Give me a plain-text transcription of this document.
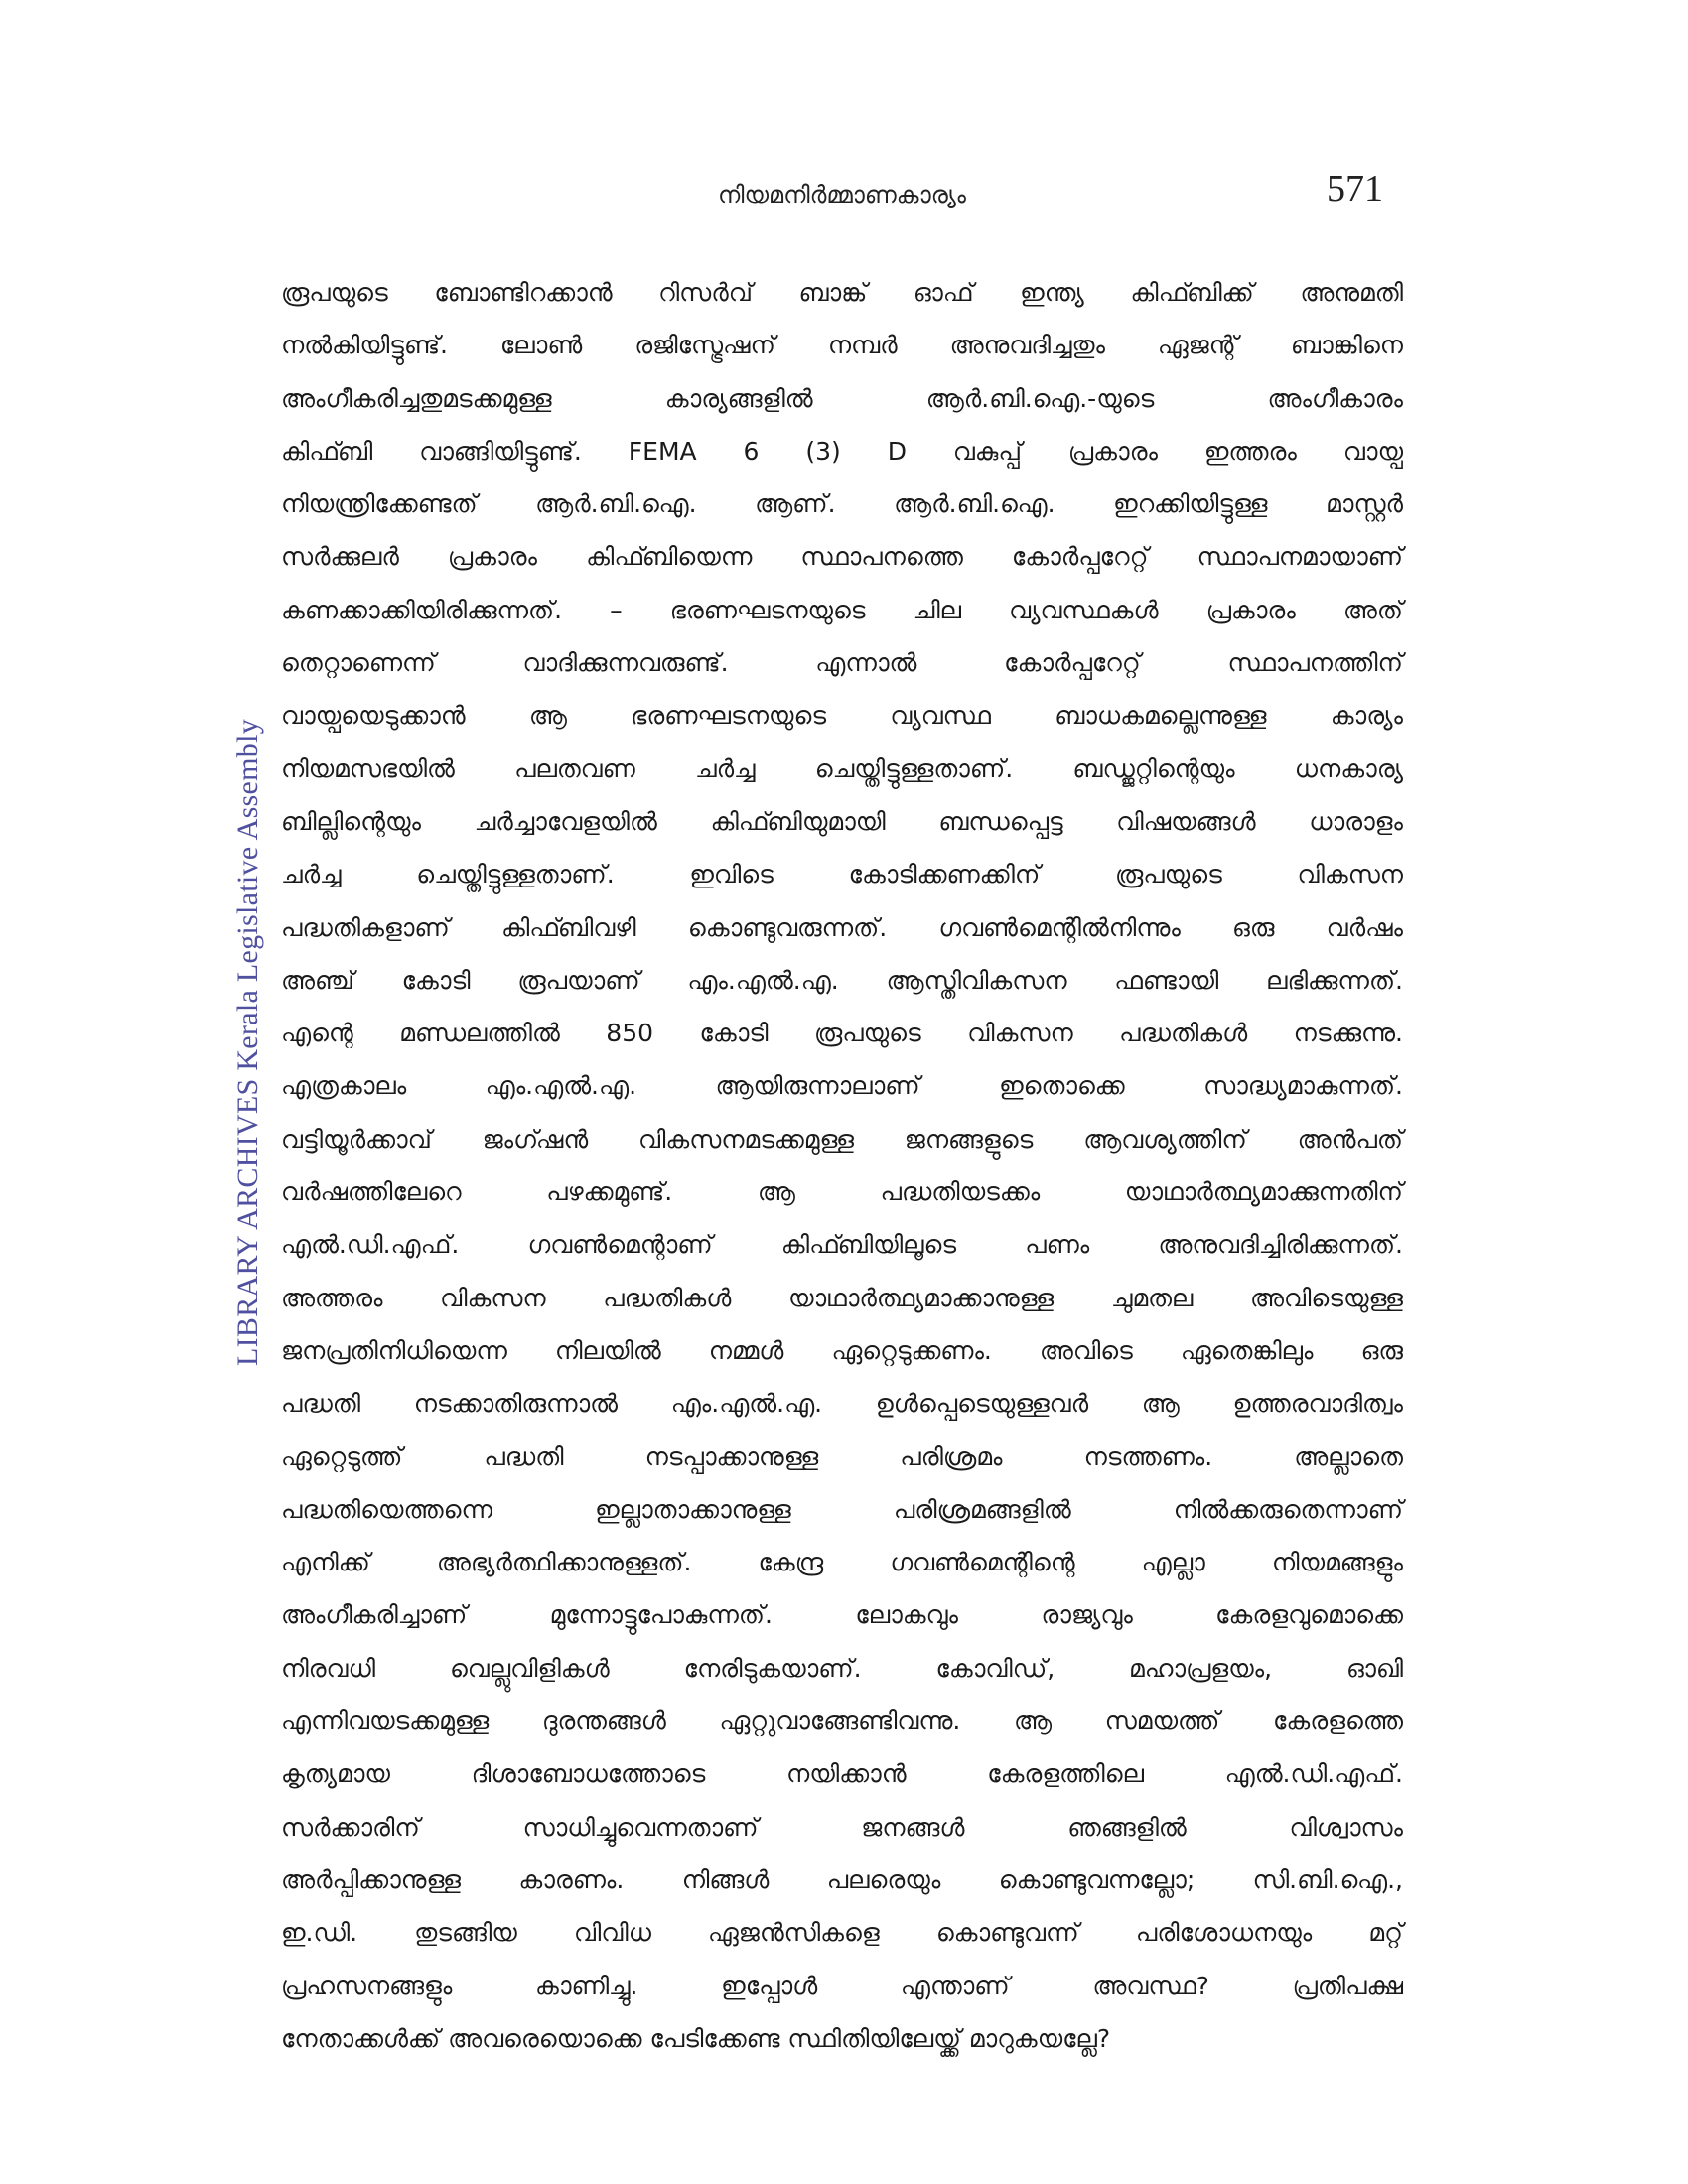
നിയമനിർമ്മാണകാര്യം	571
LIBRARY ARCHIVES Kerala Legislative Assembly
രൂപയുടെ ബോണ്ടിറക്കാൻ റിസർവ് ബാങ്ക് ഓഫ് ഇന്ത്യ കിഫ്ബിക്ക് അനുമതി
നൽകിയിട്ടുണ്ട്. ലോൺ രജിസ്ട്രേഷന് നമ്പർ അനുവദിച്ചതും ഏജന്റ് ബാങ്കിനെ
അംഗീകരിച്ചതുമടക്കമുള്ള കാര്യങ്ങളിൽ ആർ.ബി.ഐ.-യുടെ അംഗീകാരം
കിഫ്ബി വാങ്ങിയിട്ടുണ്ട്. FEMA 6 (3) D വകുപ്പ് പ്രകാരം ഇത്തരം വായ്പ
നിയന്ത്രിക്കേണ്ടത് ആർ.ബി.ഐ. ആണ്. ആർ.ബി.ഐ. ഇറക്കിയിട്ടുള്ള മാസ്റ്റർ
സർക്കുലർ പ്രകാരം കിഫ്ബിയെന്ന സ്ഥാപനത്തെ കോർപ്പറേറ്റ് സ്ഥാപനമായാണ്
കണക്കാക്കിയിരിക്കുന്നത്. – ഭരണഘടനയുടെ ചില വ്യവസ്ഥകൾ പ്രകാരം അത്
തെറ്റാണെന്ന് വാദിക്കുന്നവരുണ്ട്. എന്നാൽ കോർപ്പറേറ്റ് സ്ഥാപനത്തിന്
വായ്പയെടുക്കാൻ ആ ഭരണഘടനയുടെ വ്യവസ്ഥ ബാധകമല്ലെന്നുള്ള കാര്യം
നിയമസഭയിൽ പലതവണ ചർച്ച ചെയ്തിട്ടുള്ളതാണ്. ബഡ്ജറ്റിന്റെയും ധനകാര്യ
ബില്ലിന്റെയും ചർച്ചാവേളയിൽ കിഫ്ബിയുമായി ബന്ധപ്പെട്ട വിഷയങ്ങൾ ധാരാളം
ചർച്ച ചെയ്തിട്ടുള്ളതാണ്. ഇവിടെ കോടിക്കണക്കിന് രൂപയുടെ വികസന
പദ്ധതികളാണ് കിഫ്ബിവഴി കൊണ്ടുവരുന്നത്. ഗവൺമെന്റിൽനിന്നും ഒരു വർഷം
അഞ്ച് കോടി രൂപയാണ് എം.എൽ.എ. ആസ്തിവികസന ഫണ്ടായി ലഭിക്കുന്നത്.
എന്റെ മണ്ഡലത്തിൽ 850 കോടി രൂപയുടെ വികസന പദ്ധതികൾ നടക്കുന്നു.
എത്രകാലം എം.എൽ.എ. ആയിരുന്നാലാണ് ഇതൊക്കെ സാദ്ധ്യമാകുന്നത്.
വട്ടിയൂർക്കാവ് ജംഗ്ഷൻ വികസനമടക്കമുള്ള ജനങ്ങളുടെ ആവശ്യത്തിന് അൻപത്
വർഷത്തിലേറെ പഴക്കമുണ്ട്. ആ പദ്ധതിയടക്കം യാഥാർത്ഥ്യമാക്കുന്നതിന്
എൽ.ഡി.എഫ്. ഗവൺമെന്റാണ് കിഫ്ബിയിലൂടെ പണം അനുവദിച്ചിരിക്കുന്നത്.
അത്തരം വികസന പദ്ധതികൾ യാഥാർത്ഥ്യമാക്കാനുള്ള ചുമതല അവിടെയുള്ള
ജനപ്രതിനിധിയെന്ന നിലയിൽ നമ്മൾ ഏറ്റെടുക്കണം. അവിടെ ഏതെങ്കിലും ഒരു
പദ്ധതി നടക്കാതിരുന്നാൽ എം.എൽ.എ. ഉൾപ്പെടെയുള്ളവർ ആ ഉത്തരവാദിത്വം
ഏറ്റെടുത്ത് പദ്ധതി നടപ്പാക്കാനുള്ള പരിശ്രമം നടത്തണം. അല്ലാതെ
പദ്ധതിയെത്തന്നെ ഇല്ലാതാക്കാനുള്ള പരിശ്രമങ്ങളിൽ നിൽക്കരുതെന്നാണ്
എനിക്ക് അഭ്യർത്ഥിക്കാനുള്ളത്. കേന്ദ്ര ഗവൺമെന്റിന്റെ എല്ലാ നിയമങ്ങളും
അംഗീകരിച്ചാണ് മുന്നോട്ടുപോകുന്നത്. ലോകവും രാജ്യവും കേരളവുമൊക്കെ
നിരവധി വെല്ലുവിളികൾ നേരിടുകയാണ്. കോവിഡ്, മഹാപ്രളയം, ഓഖി
എന്നിവയടക്കമുള്ള ദുരന്തങ്ങൾ ഏറ്റുവാങ്ങേണ്ടിവന്നു. ആ സമയത്ത് കേരളത്തെ
കൃത്യമായ ദിശാബോധത്തോടെ നയിക്കാൻ കേരളത്തിലെ എൽ.ഡി.എഫ്.
സർക്കാരിന് സാധിച്ചുവെന്നതാണ് ജനങ്ങൾ ഞങ്ങളിൽ വിശ്വാസം
അർപ്പിക്കാനുള്ള കാരണം. നിങ്ങൾ പലരെയും കൊണ്ടുവന്നല്ലോ; സി.ബി.ഐ.,
ഇ.ഡി. തുടങ്ങിയ വിവിധ ഏജൻസികളെ കൊണ്ടുവന്ന് പരിശോധനയും മറ്റ്
പ്രഹസനങ്ങളും കാണിച്ചു. ഇപ്പോൾ എന്താണ് അവസ്ഥ? പ്രതിപക്ഷ
നേതാക്കൾക്ക് അവരെയൊക്കെ പേടിക്കേണ്ട സ്ഥിതിയിലേയ്ക്ക് മാറുകയല്ലേ?
